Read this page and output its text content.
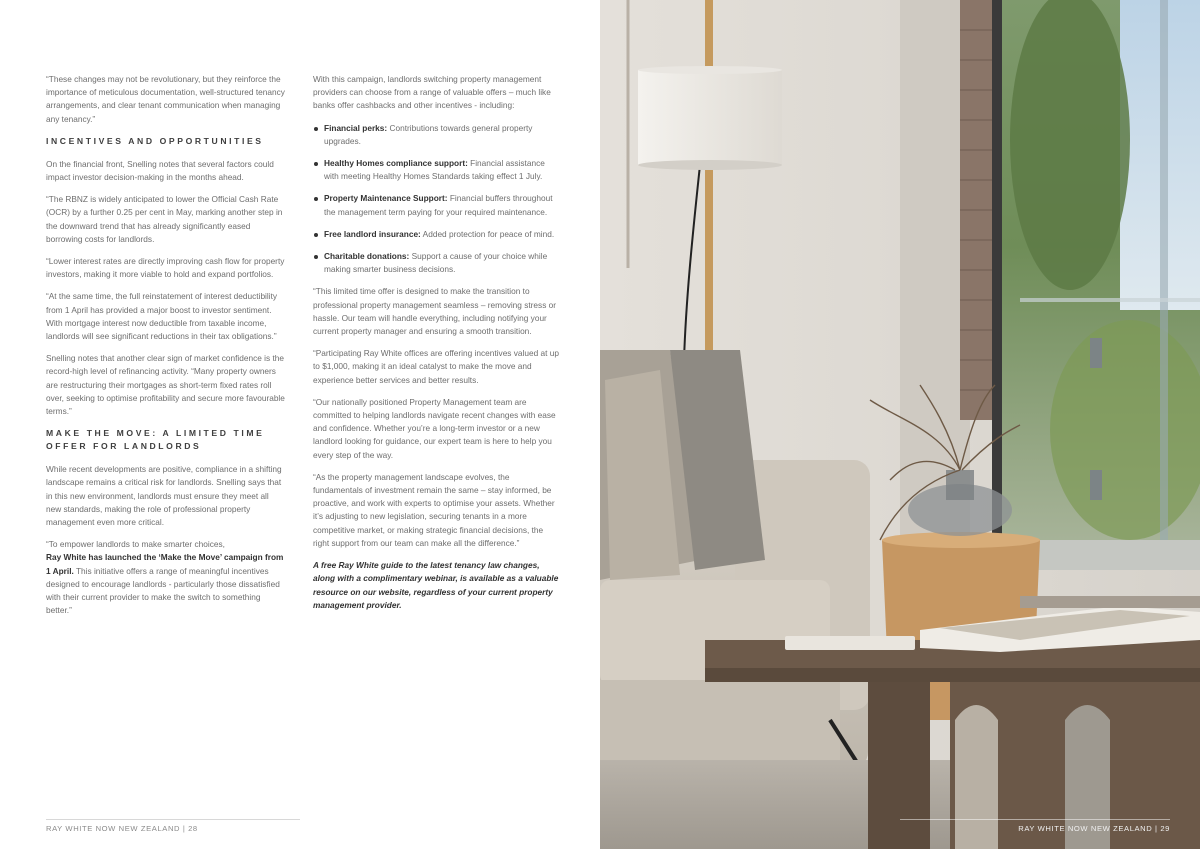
“These changes may not be revolutionary, but they reinforce the importance of meticulous documentation, well-structured tenancy arrangements, and clear tenant communication when managing any tenancy.”

INCENTIVES AND OPPORTUNITIES

On the financial front, Snelling notes that several factors could impact investor decision-making in the months ahead.

“The RBNZ is widely anticipated to lower the Official Cash Rate (OCR) by a further 0.25 per cent in May, marking another step in the downward trend that has already significantly eased borrowing costs for landlords.

“Lower interest rates are directly improving cash flow for property investors, making it more viable to hold and expand portfolios.

“At the same time, the full reinstatement of interest deductibility from 1 April has provided a major boost to investor sentiment. With mortgage interest now deductible from taxable income, landlords will see significant reductions in their tax obligations.”

Snelling notes that another clear sign of market confidence is the record-high level of refinancing activity. “Many property owners are restructuring their mortgages as short-term fixed rates roll over, seeking to optimise profitability and secure more favourable terms.”

MAKE THE MOVE: A LIMITED TIME OFFER FOR LANDLORDS

While recent developments are positive, compliance in a shifting landscape remains a critical risk for landlords. Snelling says that in this new environment, landlords must ensure they meet all new standards, making the role of professional property management even more critical.

“To empower landlords to make smarter choices,
Ray White has launched the ‘Make the Move’ campaign from 1 April. This initiative offers a range of meaningful incentives designed to encourage landlords - particularly those dissatisfied with their current provider to make the switch to something better.”

With this campaign, landlords switching property management providers can choose from a range of valuable offers – much like banks offer cashbacks and other incentives - including:

Financial perks: Contributions towards general property upgrades.
Healthy Homes compliance support: Financial assistance with meeting Healthy Homes Standards taking effect 1 July.
Property Maintenance Support: Financial buffers throughout the management term paying for your required maintenance.
Free landlord insurance: Added protection for peace of mind.
Charitable donations: Support a cause of your choice while making smarter business decisions.

“This limited time offer is designed to make the transition to professional property management seamless – removing stress or hassle. Our team will handle everything, including notifying your current property manager and ensuring a smooth transition.

“Participating Ray White offices are offering incentives valued at up to $1,000, making it an ideal catalyst to make the move and experience better services and better results.

“Our nationally positioned Property Management team are committed to helping landlords navigate recent changes with ease and confidence. Whether you’re a long-term investor or a new landlord looking for guidance, our expert team is here to help you every step of the way.

“As the property management landscape evolves, the fundamentals of investment remain the same – stay informed, be proactive, and work with experts to optimise your assets. Whether it’s adjusting to new legislation, securing tenants in a more competitive market, or making strategic financial decisions, the right support from our team can make all the difference.”

A free Ray White guide to the latest tenancy law changes, along with a complimentary webinar, is available as a valuable resource on our website, regardless of your current property management provider.

RAY WHITE NOW NEW ZEALAND | 28	RAY WHITE NOW NEW ZEALAND | 29
